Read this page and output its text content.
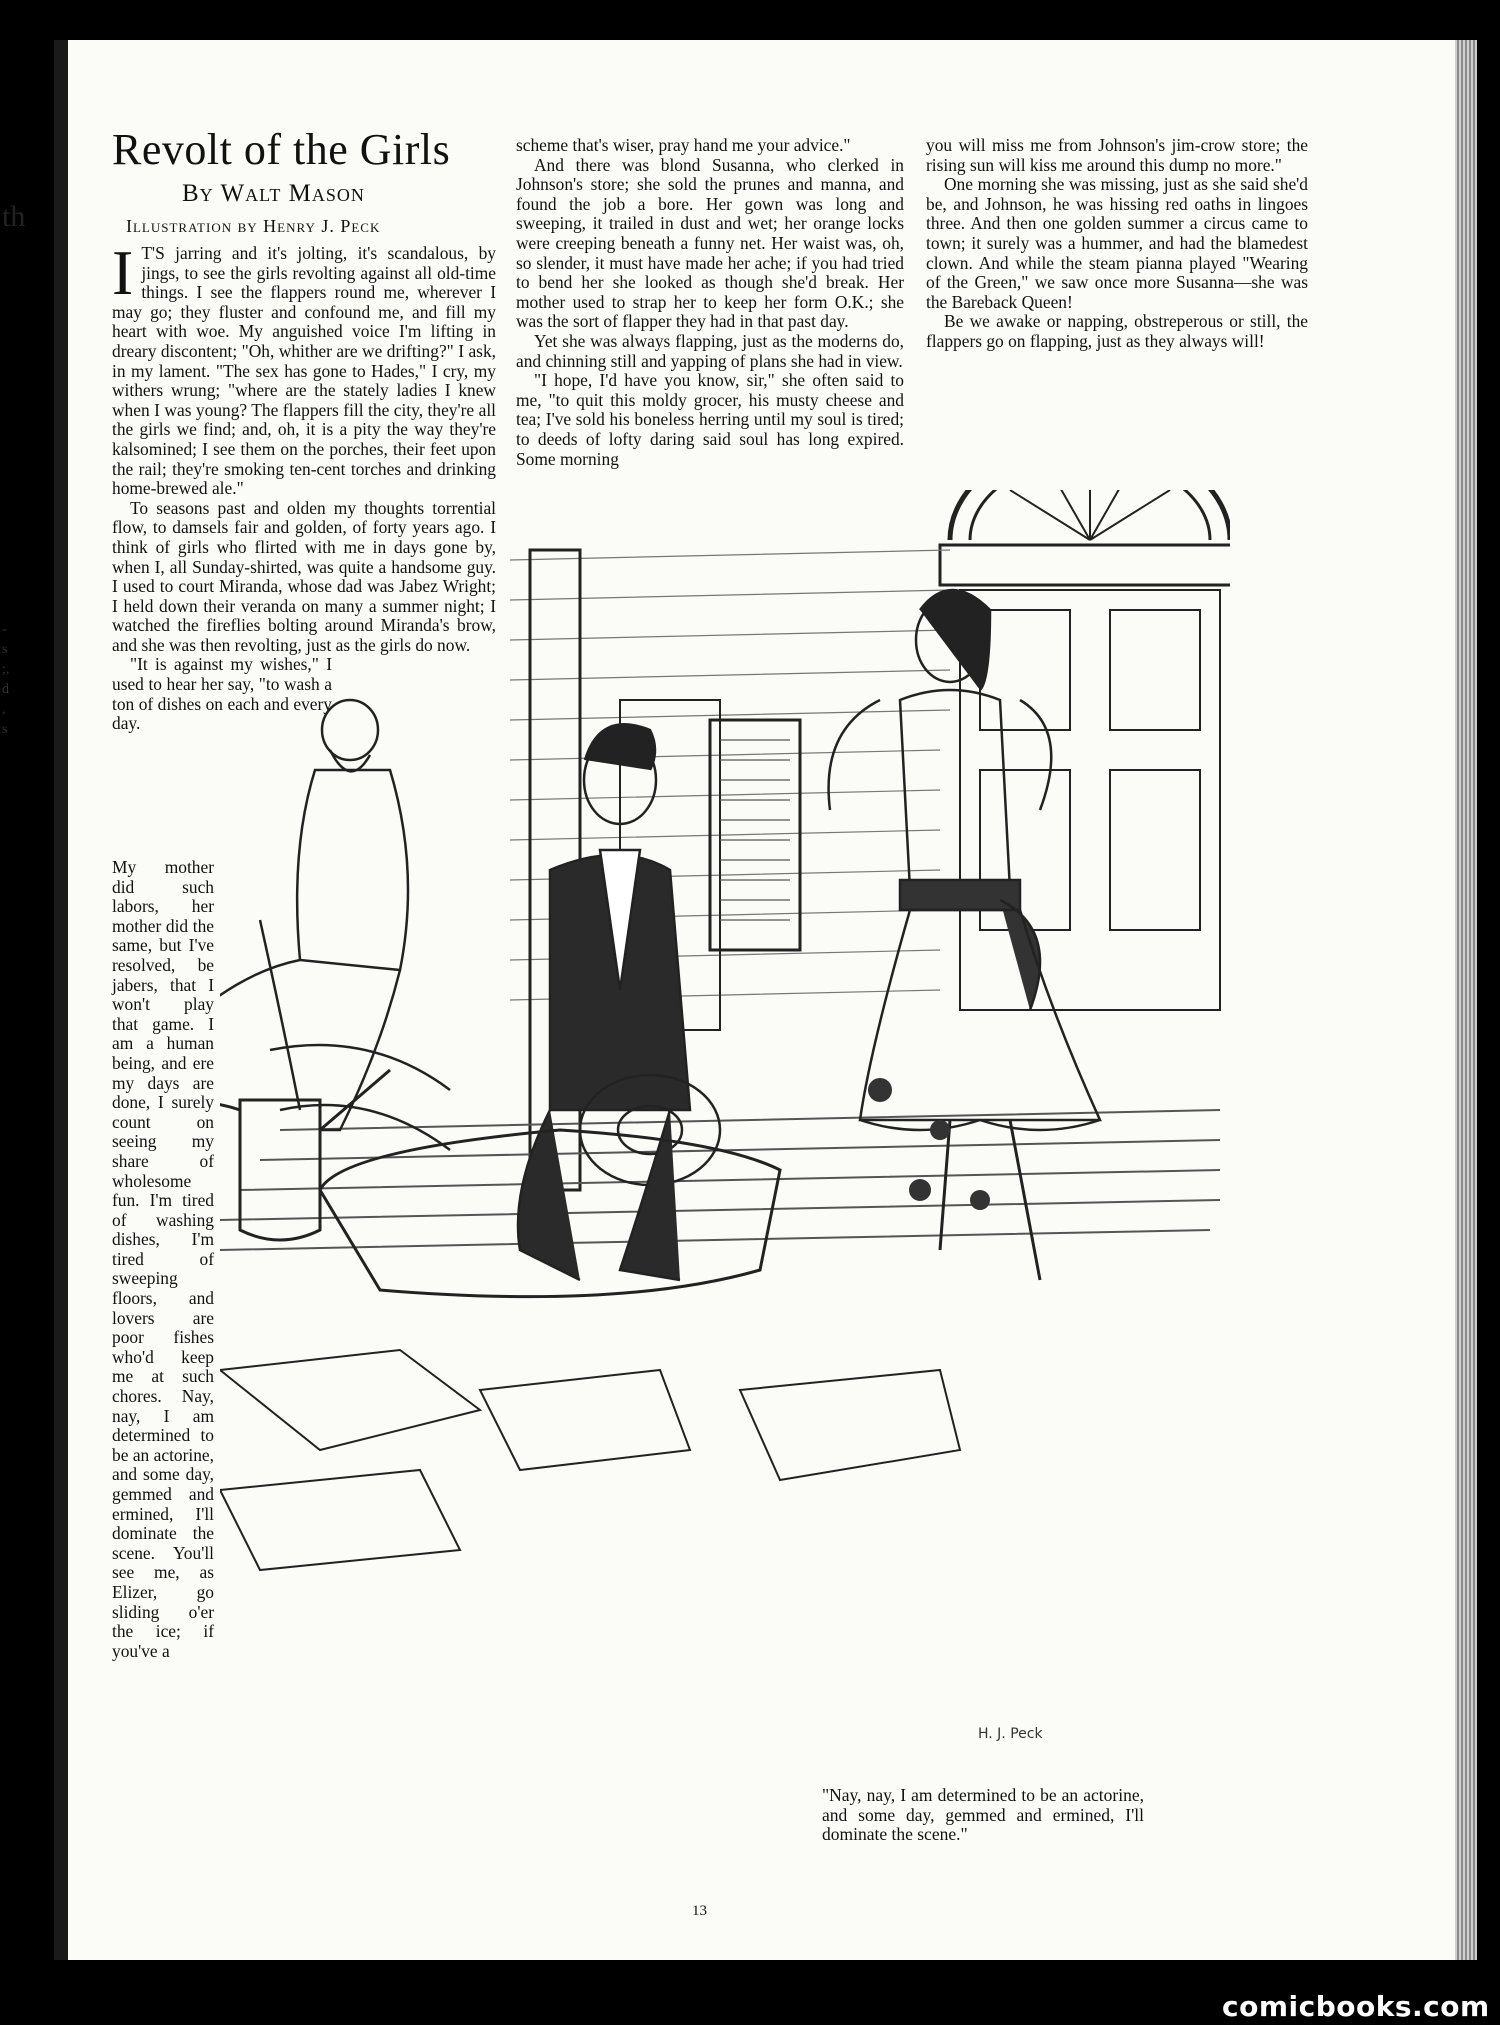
th
-
s
;,
d
,
s
Revolt of the Girls
By Walt Mason
Illustration by Henry J. Peck

I T'S jarring and it's jolting, it's scandalous, by jings, to see the girls revolting against all old-time things. I see the flappers round me, wherever I may go; they fluster and confound me, and fill my heart with woe. My anguished voice I'm lifting in dreary discontent; "Oh, whither are we drifting?" I ask, in my lament. "The sex has gone to Hades," I cry, my withers wrung; "where are the stately ladies I knew when I was young? The flappers fill the city, they're all the girls we find; and, oh, it is a pity the way they're kalsomined; I see them on the porches, their feet upon the rail; they're smoking ten-cent torches and drinking home-brewed ale."

To seasons past and olden my thoughts torrential flow, to damsels fair and golden, of forty years ago. I think of girls who flirted with me in days gone by, when I, all Sunday-shirted, was quite a handsome guy. I used to court Miranda, whose dad was Jabez Wright; I held down their veranda on many a summer night; I watched the fireflies bolting around Miranda's brow, and she was then revolting, just as the girls do now.

"It is against my wishes," I used to hear her say, "to wash a ton of dishes on each and every day.

My mother did such labors, her mother did the same, but I've resolved, be jabers, that I won't play that game. I am a human being, and ere my days are done, I surely count on seeing my share of wholesome fun. I'm tired of washing dishes, I'm tired of sweeping floors, and lovers are poor fishes who'd keep me at such chores. Nay, nay, I am determined to be an actorine, and some day, gemmed and ermined, I'll dominate the scene. You'll see me, as Elizer, go sliding o'er the ice; if you've a

scheme that's wiser, pray hand me your advice."

And there was blond Susanna, who clerked in Johnson's store; she sold the prunes and manna, and found the job a bore. Her gown was long and sweeping, it trailed in dust and wet; her orange locks were creeping beneath a funny net. Her waist was, oh, so slender, it must have made her ache; if you had tried to bend her she looked as though she'd break. Her mother used to strap her to keep her form O.K.; she was the sort of flapper they had in that past day.

Yet she was always flapping, just as the moderns do, and chinning still and yapping of plans she had in view.

"I hope, I'd have you know, sir," she often said to me, "to quit this moldy grocer, his musty cheese and tea; I've sold his boneless herring until my soul is tired; to deeds of lofty daring said soul has long expired. Some morning

you will miss me from Johnson's jim-crow store; the rising sun will kiss me around this dump no more."

One morning she was missing, just as she said she'd be, and Johnson, he was hissing red oaths in lingoes three. And then one golden summer a circus came to town; it surely was a hummer, and had the blamedest clown. And while the steam pianna played "Wearing of the Green," we saw once more Susanna—she was the Bareback Queen!

Be we awake or napping, obstreperous or still, the flappers go on flapping, just as they always will!

H. J. Peck
"Nay, nay, I am determined to be an actorine, and some day, gemmed and ermined, I'll dominate the scene."
13
comicbooks.com
